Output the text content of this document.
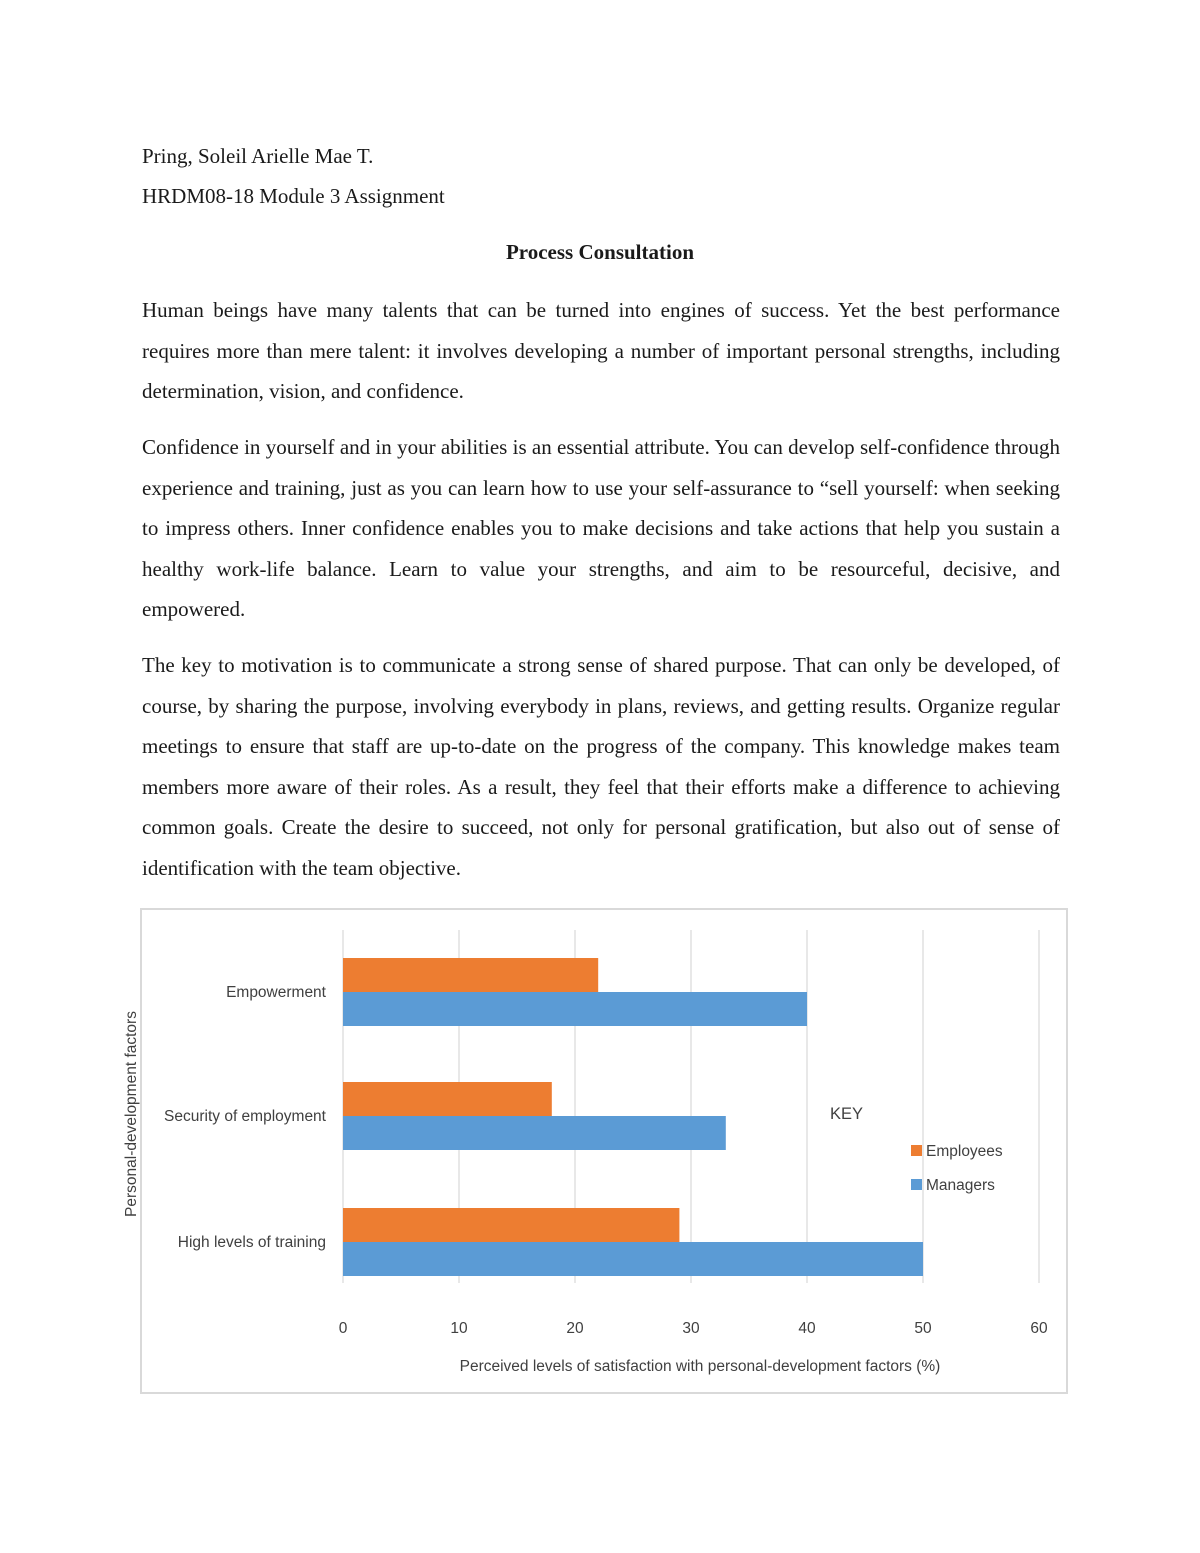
Pring, Soleil Arielle Mae T.
HRDM08-18 Module 3 Assignment
Process Consultation

Human beings have many talents that can be turned into engines of success. Yet the best performance requires more than mere talent: it involves developing a number of important personal strengths, including determination, vision, and confidence.

Confidence in yourself and in your abilities is an essential attribute. You can develop self-confidence through experience and training, just as you can learn how to use your self-assurance to “sell yourself: when seeking to impress others. Inner confidence enables you to make decisions and take actions that help you sustain a healthy work-life balance. Learn to value your strengths, and aim to be resourceful, decisive, and empowered.

The key to motivation is to communicate a strong sense of shared purpose. That can only be developed, of course, by sharing the purpose, involving everybody in plans, reviews, and getting results. Organize regular meetings to ensure that staff are up-to-date on the progress of the company. This knowledge makes team members more aware of their roles. As a result, they feel that their efforts make a difference to achieving common goals. Create the desire to succeed, not only for personal gratification, but also out of sense of identification with the team objective.

0	10	20	30	40	50	60
Empowerment
Security of employment
High levels of training
Perceived levels of satisfaction with personal-development factors (%)
Personal-development factors	KEY
Employees
Managers
